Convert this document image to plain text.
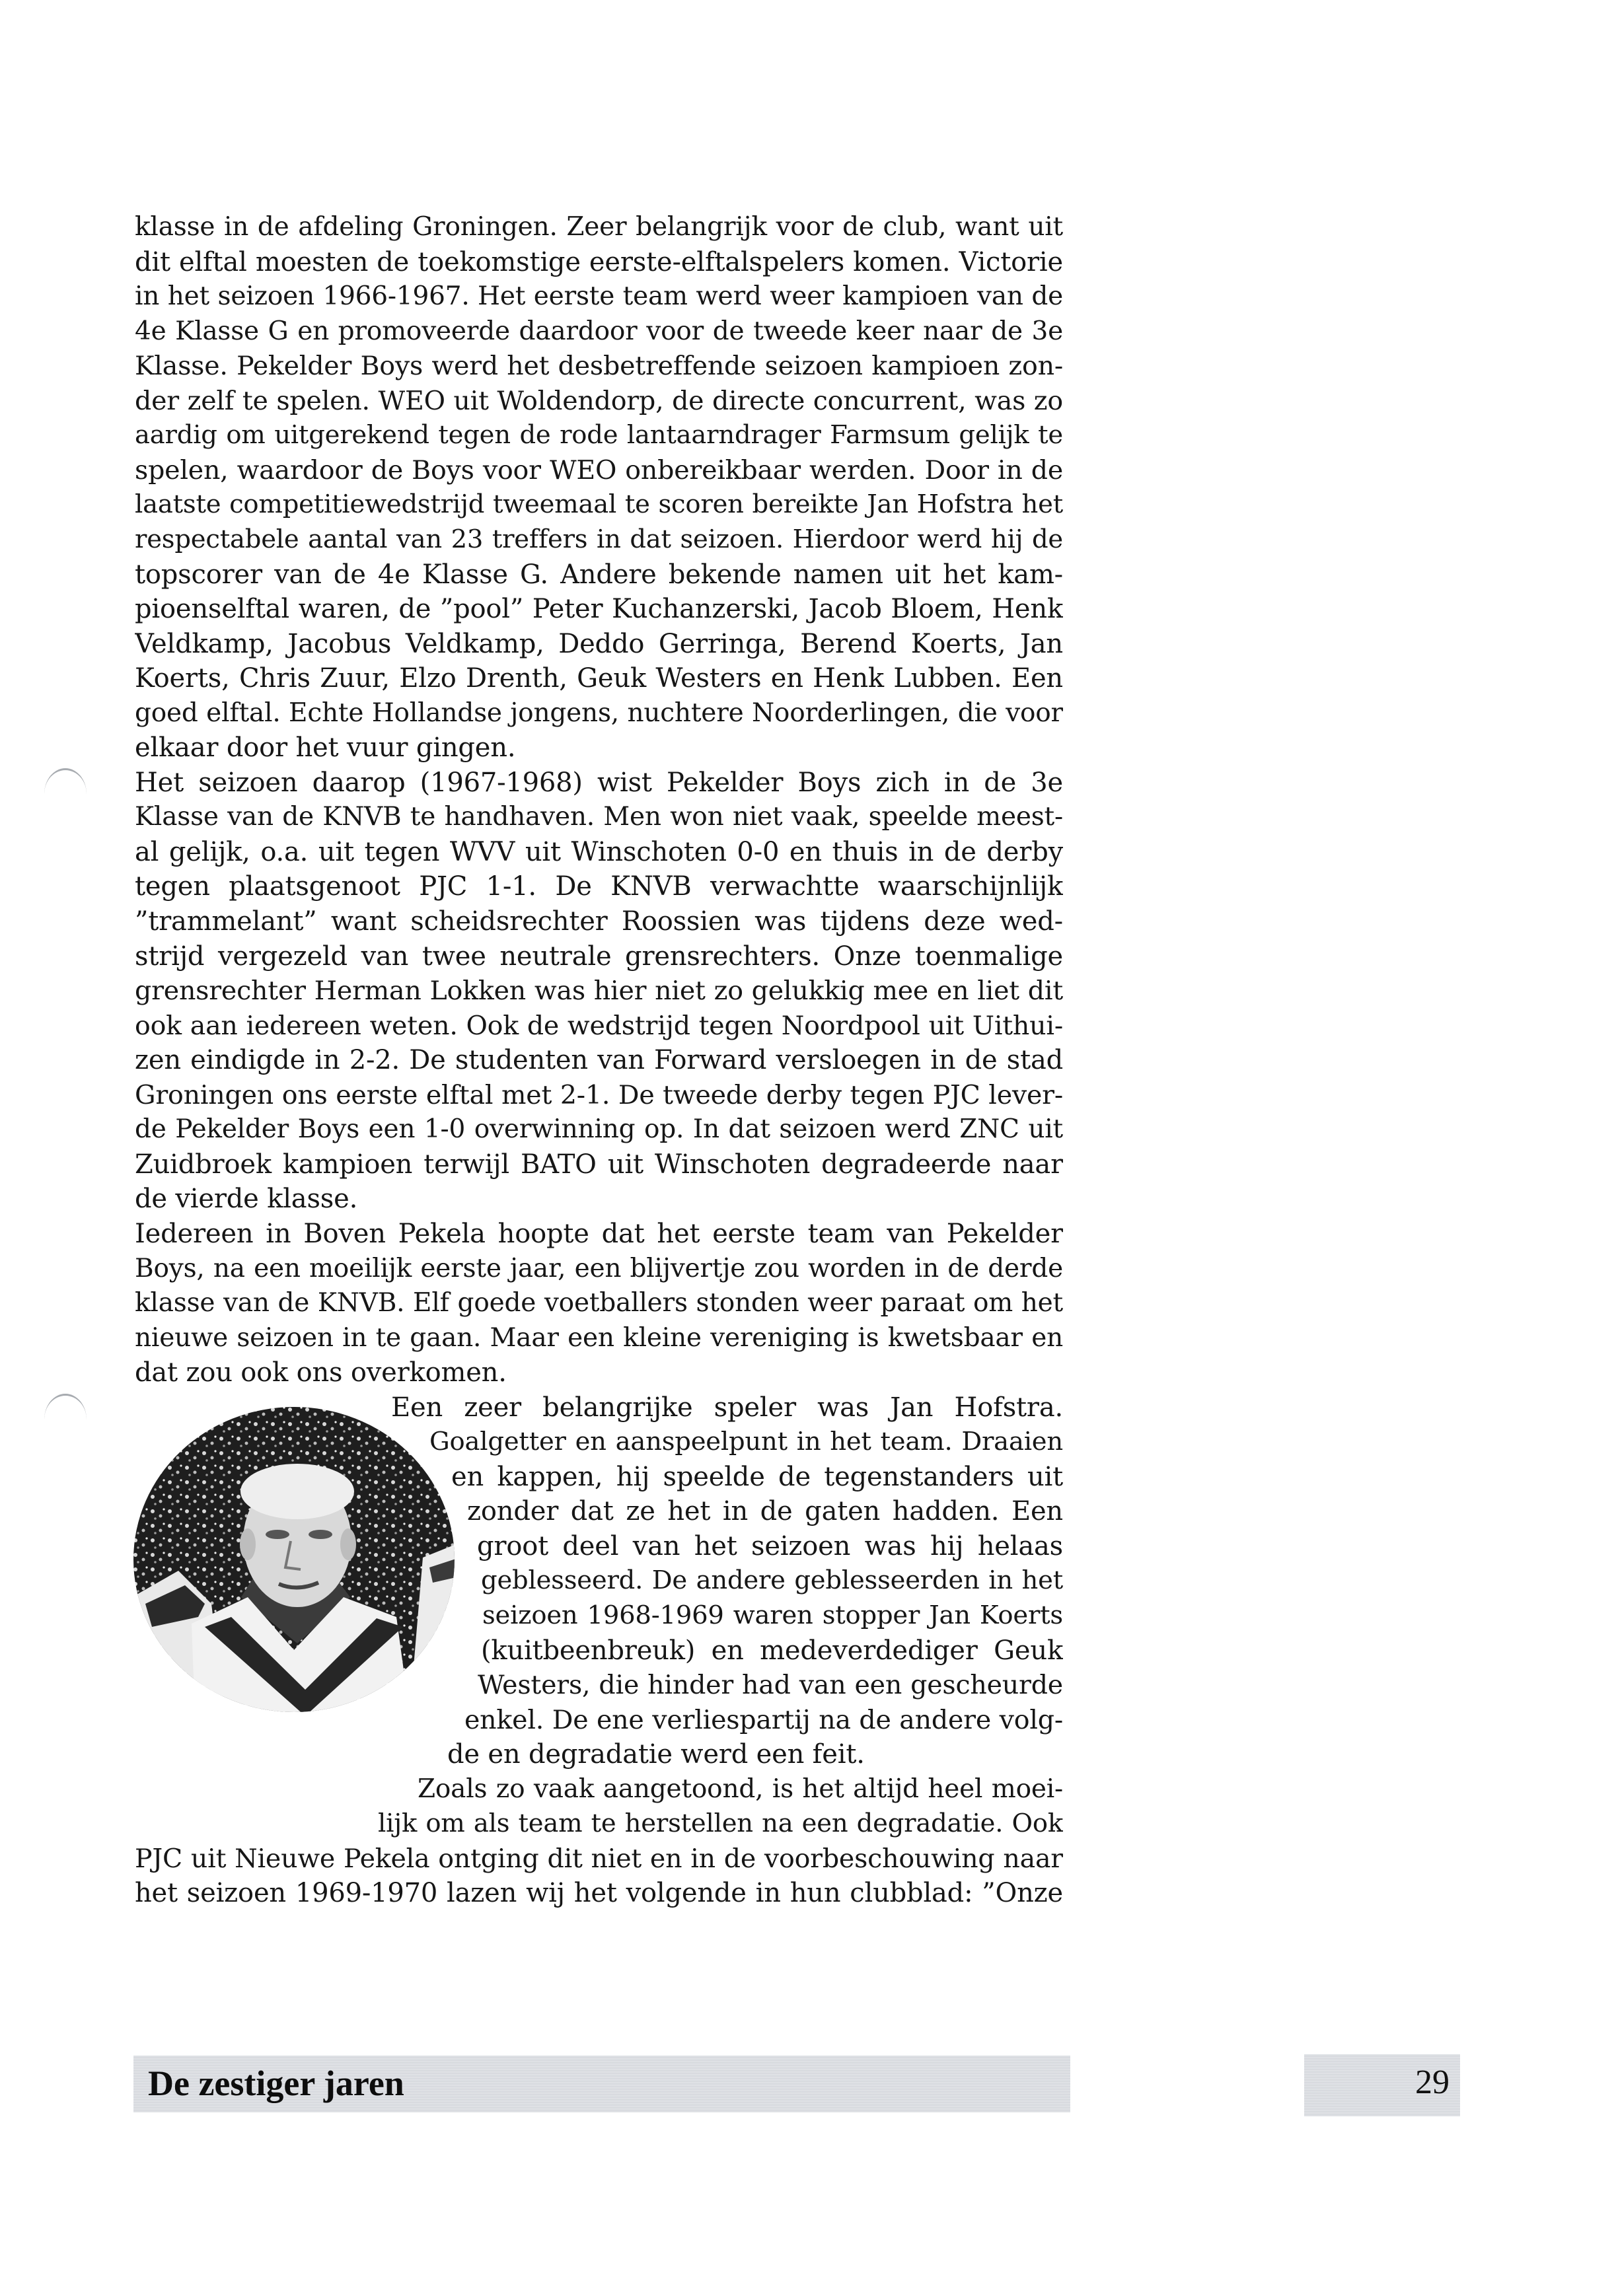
klasse in de afdeling Groningen. Zeer belangrijk voor de club, want uit
dit elftal moesten de toekomstige eerste-elftalspelers komen. Victorie
in het seizoen 1966-1967. Het eerste team werd weer kampioen van de
4e Klasse G en promoveerde daardoor voor de tweede keer naar de 3e
Klasse. Pekelder Boys werd het desbetreffende seizoen kampioen zon-
der zelf te spelen. WEO uit Woldendorp, de directe concurrent, was zo
aardig om uitgerekend tegen de rode lantaarndrager Farmsum gelijk te
spelen, waardoor de Boys voor WEO onbereikbaar werden. Door in de
laatste competitiewedstrijd tweemaal te scoren bereikte Jan Hofstra het
respectabele aantal van 23 treffers in dat seizoen. Hierdoor werd hij de
topscorer van de 4e Klasse G. Andere bekende namen uit het kam-
pioenselftal waren, de ”pool” Peter Kuchanzerski, Jacob Bloem, Henk
Veldkamp, Jacobus Veldkamp, Deddo Gerringa, Berend Koerts, Jan
Koerts, Chris Zuur, Elzo Drenth, Geuk Westers en Henk Lubben. Een
goed elftal. Echte Hollandse jongens, nuchtere Noorderlingen, die voor
elkaar door het vuur gingen.
Het seizoen daarop (1967-1968) wist Pekelder Boys zich in de 3e
Klasse van de KNVB te handhaven. Men won niet vaak, speelde meest-
al gelijk, o.a. uit tegen WVV uit Winschoten 0-0 en thuis in de derby
tegen plaatsgenoot PJC 1-1. De KNVB verwachtte waarschijnlijk
”trammelant” want scheidsrechter Roossien was tijdens deze wed-
strijd vergezeld van twee neutrale grensrechters. Onze toenmalige
grensrechter Herman Lokken was hier niet zo gelukkig mee en liet dit
ook aan iedereen weten. Ook de wedstrijd tegen Noordpool uit Uithui-
zen eindigde in 2-2. De studenten van Forward versloegen in de stad
Groningen ons eerste elftal met 2-1. De tweede derby tegen PJC lever-
de Pekelder Boys een 1-0 overwinning op. In dat seizoen werd ZNC uit
Zuidbroek kampioen terwijl BATO uit Winschoten degradeerde naar
de vierde klasse.
Iedereen in Boven Pekela hoopte dat het eerste team van Pekelder
Boys, na een moeilijk eerste jaar, een blijvertje zou worden in de derde
klasse van de KNVB. Elf goede voetballers stonden weer paraat om het
nieuwe seizoen in te gaan. Maar een kleine vereniging is kwetsbaar en
dat zou ook ons overkomen.
Een zeer belangrijke speler was Jan Hofstra.
Goalgetter en aanspeelpunt in het team. Draaien
en kappen, hij speelde de tegenstanders uit
zonder dat ze het in de gaten hadden. Een
groot deel van het seizoen was hij helaas
geblesseerd. De andere geblesseerden in het
seizoen 1968-1969 waren stopper Jan Koerts
(kuitbeenbreuk) en medeverdediger Geuk
Westers, die hinder had van een gescheurde
enkel. De ene verliespartij na de andere volg-
de en degradatie werd een feit.
Zoals zo vaak aangetoond, is het altijd heel moei-
lijk om als team te herstellen na een degradatie. Ook
PJC uit Nieuwe Pekela ontging dit niet en in de voorbeschouwing naar
het seizoen 1969-1970 lazen wij het volgende in hun clubblad: ”Onze
De zestiger jaren	29
